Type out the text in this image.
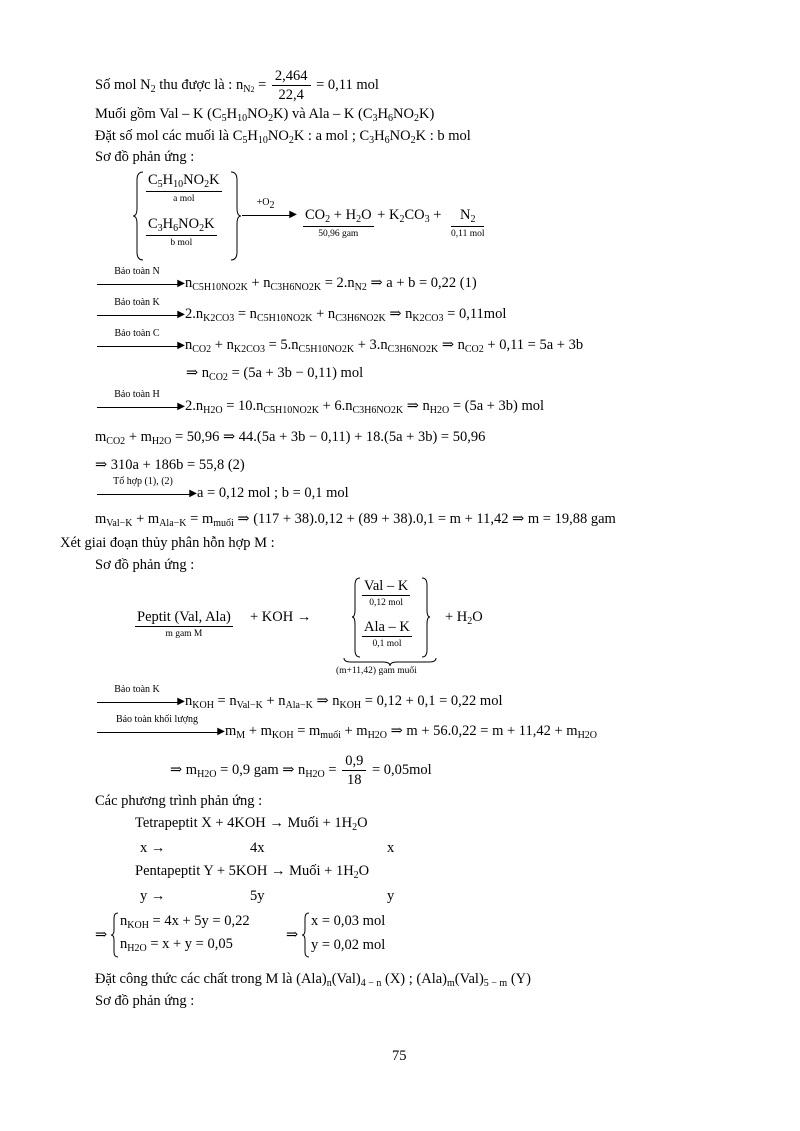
Số mol $N_2$ thu được là : $n_{N2} = \frac{2,464}{22,4} = 0,11$ mol
Muối gồm Val – K $(C_5H_{10}NO_2K)$ và Ala – K $(C_3H_6NO_2K)$
Đặt số mol các muối là $C_5H_{10}NO_2K$ : a mol ; $C_3H_6NO_2K$ : b mol
Sơ đồ phản ứng :
$C_5H_{10}NO_2K$
a mol
$C_3H_6NO_2K$
b mol
+O2
▶ $CO_2 + H_2O$
50,96 gam
+ $K_2CO_3$ +	$N_2$
0,11 mol
Bảo toàn N
▶ $n_{C5H10NO2K} + n_{C3H6NO2K} = 2.n_{N2}$ ⇒ a + b = 0,22 (1)
Bảo toàn K
▶ $2.n_{K2CO3} = n_{C5H10NO2K} + n_{C3H6NO2K}$ ⇒ $n_{K2CO3} = 0,11mol$
Bảo toàn C
▶ $n_{CO2} + n_{K2CO3} = 5.n_{C5H10NO2K} + 3.n_{C3H6NO2K}$ ⇒ $n_{CO2} + 0,11 = 5a + 3b$
⇒ $n_{CO2} = (5a + 3b - 0,11)$ mol
Bảo toàn H
▶ $2.n_{H2O} = 10.n_{C5H10NO2K} + 6.n_{C3H6NO2K}$ ⇒ $n_{H2O} = (5a + 3b)$ mol
$m_{CO2} + m_{H2O} = 50,96$ ⇒ 44.(5a + 3b − 0,11) + 18.(5a + 3b) = 50,96
⇒ 310a + 186b = 55,8 (2)
Tổ hợp (1), (2)
▶ a = 0,12 mol ; b = 0,1 mol
$m_{Val-K} + m_{Ala-K} = m_{muối}$ ⇒ (117 + 38).0,12 + (89 + 38).0,1 = m + 11,42 ⇒ m = 19,88 gam
Xét giai đoạn thủy phân hỗn hợp M :
Sơ đồ phản ứng :
Peptit (Val, Ala)
m gam M
+ KOH →
Val – K
0,12 mol
Ala – K
0,1 mol
(m+11,42) gam muối
+ $H_2O$
Bảo toàn K
▶ $n_{KOH} = n_{Val-K} + n_{Ala-K}$ ⇒ $n_{KOH} = 0,12 + 0,1 = 0,22$ mol
Bảo toàn khối lượng
▶ $m_M + m_{KOH} = m_{muối} + m_{H2O}$ ⇒ $m + 56.0,22 = m + 11,42 + m_{H2O}$
⇒ $m_{H2O} = 0,9$ gam ⇒ $n_{H2O} = \frac{0,9}{18} = 0,05mol$
Các phương trình phản ứng :
Tetrapeptit X + 4KOH → Muối + $1H_2O$
x →	4x	x
Pentapeptit Y + 5KOH → Muối + $1H_2O$
y →	5y	y
⇒
$n_{KOH} = 4x + 5y = 0,22$
$n_{H2O} = x + y = 0,05$
⇒
x = 0,03 mol
y = 0,02 mol
Đặt công thức các chất trong M là $(Ala)_n(Val)_{4 - n}$ (X) ; $(Ala)_m(Val)_{5 - m}$ (Y)
Sơ đồ phản ứng :
75
